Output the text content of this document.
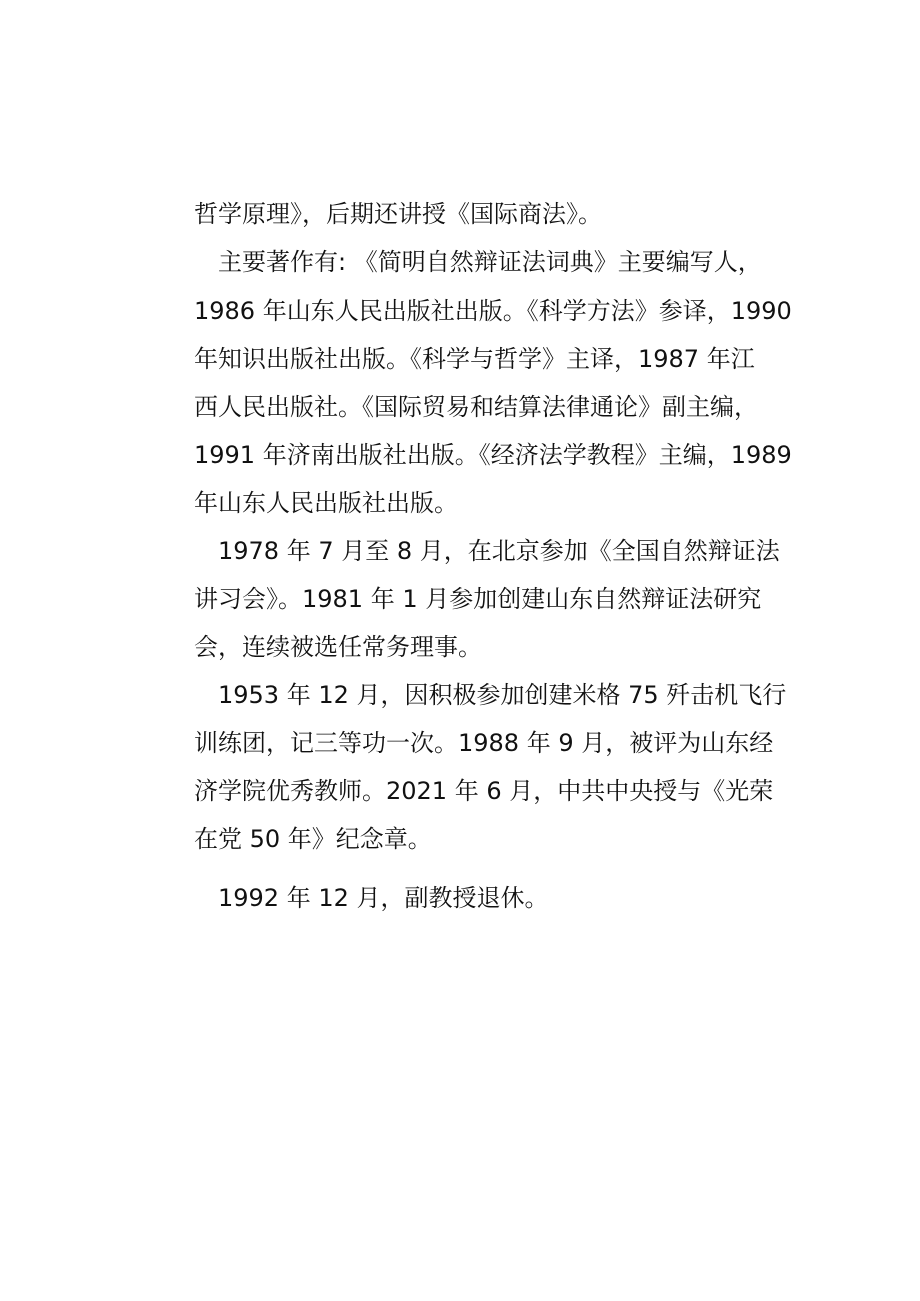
哲学原理》，后期还讲授《国际商法》。
主要著作有: 《简明自然辩证法词典》主要编写人，
1986 年山东人民出版社出版。《科学方法》参译，1990
年知识出版社出版。《科学与哲学》主译，1987 年江
西人民出版社。《国际贸易和结算法律通论》副主编，
1991 年济南出版社出版。《经济法学教程》主编，1989
年山东人民出版社出版。
1978 年 7 月至 8 月，在北京参加《全国自然辩证法
讲习会》。1981 年 1 月参加创建山东自然辩证法研究
会，连续被选任常务理事。
1953 年 12 月，因积极参加创建米格 75 歼击机飞行
训练团，记三等功一次。1988 年 9 月，被评为山东经
济学院优秀教师。2021 年 6 月，中共中央授与《光荣
在党 50 年》纪念章。
1992 年 12 月，副教授退休。
